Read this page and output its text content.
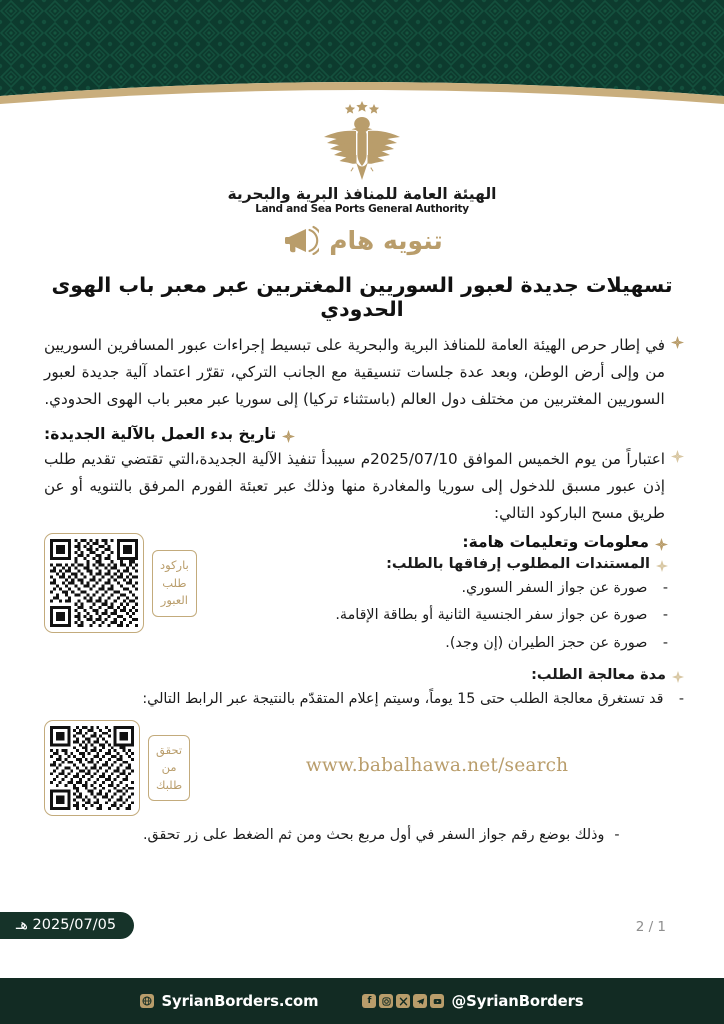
الهيئة العامة للمنافذ البرية والبحرية
Land and Sea Ports General Authority
تنويه هام
تسهيلات جديدة لعبور السوريين المغتربين عبر معبر باب الهوى الحدودي
في إطار حرص الهيئة العامة للمنافذ البرية والبحرية على تبسيط إجراءات عبور المسافرين السوريين من وإلى أرض الوطن، وبعد عدة جلسات تنسيقية مع الجانب التركي، تقرّر اعتماد آلية جديدة لعبور السوريين المغتربين من مختلف دول العالم (باستثناء تركيا) إلى سوريا عبر معبر باب الهوى الحدودي.
تاريخ بدء العمل بالآلية الجديدة:
اعتباراً من يوم الخميس الموافق 2025/07/10م سيبدأ تنفيذ الآلية الجديدة،التي تقتضي تقديم طلب إذن عبور مسبق للدخول إلى سوريا والمغادرة منها وذلك عبر تعبئة الفورم المرفق بالتنويه أو عن طريق مسح الباركود التالي:
باركود
طلب
العبور
معلومات وتعليمات هامة:
المستندات المطلوب إرفاقها بالطلب:
- صورة عن جواز السفر السوري.
- صورة عن جواز سفر الجنسية الثانية أو بطاقة الإقامة.
- صورة عن حجز الطيران (إن وجد).
مدة معالجة الطلب:
- قد تستغرق معالجة الطلب حتى 15 يوماً، وسيتم إعلام المتقدّم بالنتيجة عبر الرابط التالي:
تحقق
من
طلبك
www.babalhawa.net/search
- وذلك بوضع رقم جواز السفر في أول مربع بحث ومن ثم الضغط على زر تحقق.
2025/07/05 هـ	2 / 1
SyrianBorders.com	f	@SyrianBorders
